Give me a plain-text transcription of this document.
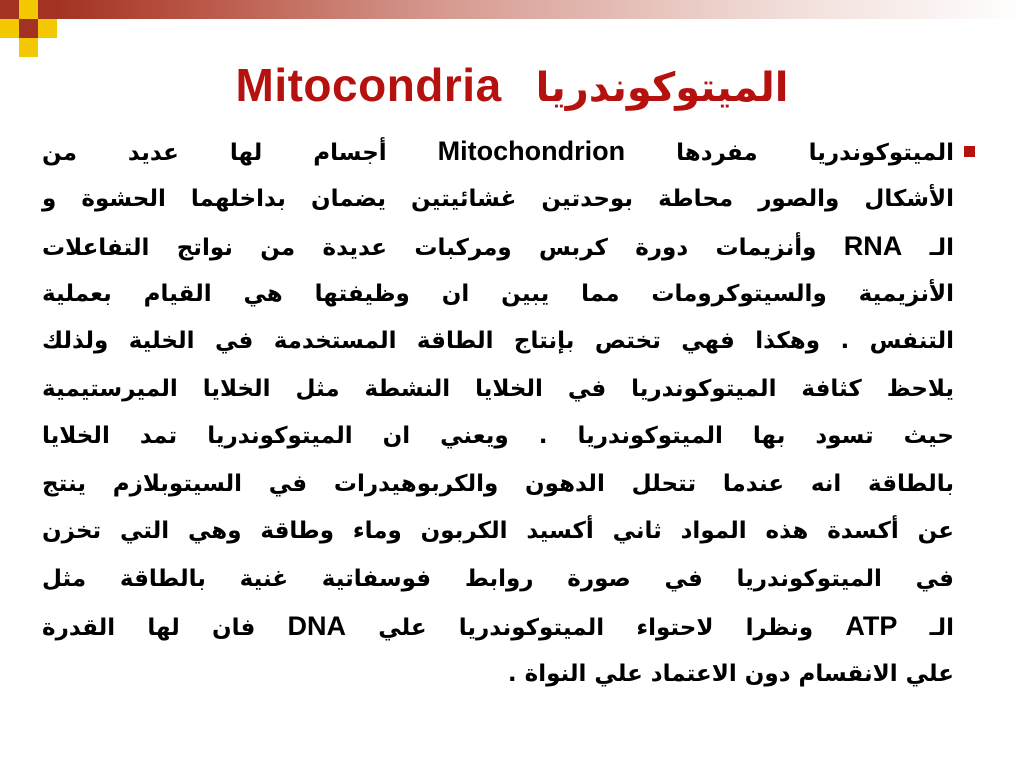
Mitocondria الميتوكوندريا
الميتوكوندريا مفردها Mitochondrion أجسام لها عديد من
الأشكال والصور محاطة بوحدتين غشائيتين يضمان بداخلهما الحشوة و
الـ RNA وأنزيمات دورة كربس ومركبات عديدة من نواتج التفاعلات
الأنزيمية والسيتوكرومات مما يبين ان وظيفتها هي القيام بعملية
التنفس . وهكذا فهي تختص بإنتاج الطاقة المستخدمة في الخلية ولذلك
يلاحظ كثافة الميتوكوندريا في الخلايا النشطة مثل الخلايا الميرستيمية
حيث تسود بها الميتوكوندريا . ويعني ان الميتوكوندريا تمد الخلايا
بالطاقة انه عندما تتحلل الدهون والكربوهيدرات في السيتوبلازم ينتج
عن أكسدة هذه المواد ثاني أكسيد الكربون وماء وطاقة وهي التي تخزن
في الميتوكوندريا في صورة روابط فوسفاتية غنية بالطاقة مثل
الـ ATP ونظرا لاحتواء الميتوكوندريا علي DNA فان لها القدرة
علي الانقسام دون الاعتماد علي النواة .
